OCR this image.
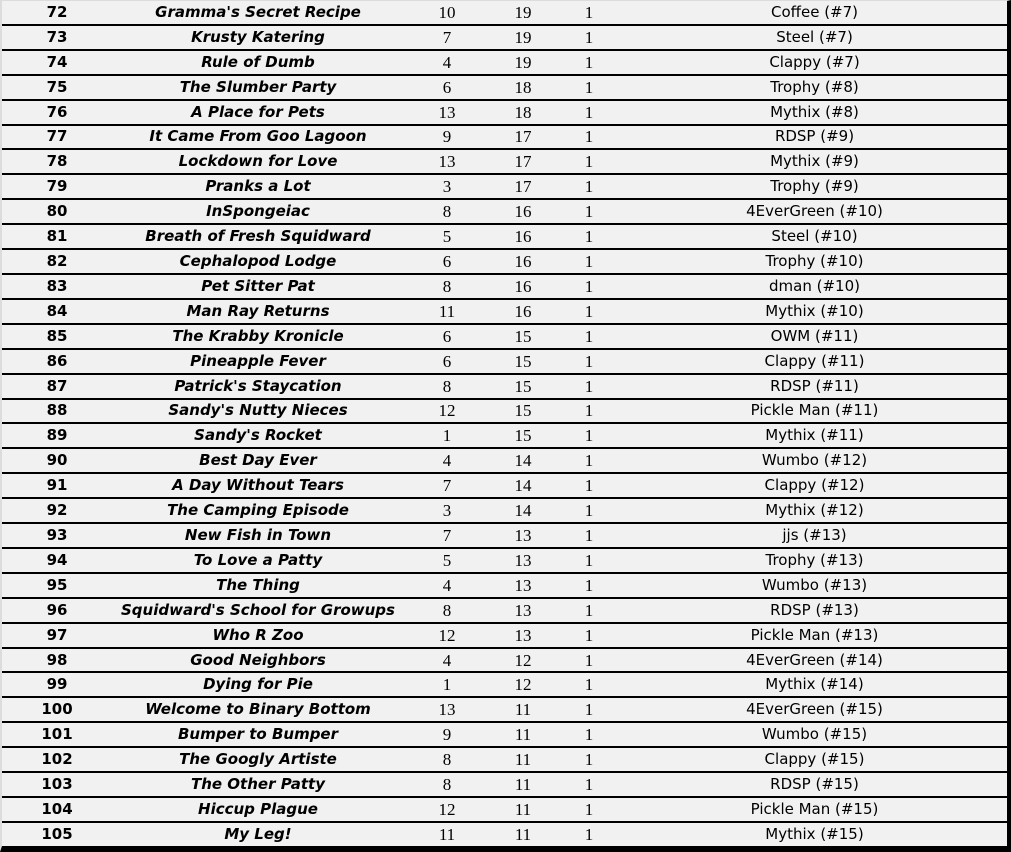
72	Gramma's Secret Recipe	10	19	1	Coffee (#7)
73	Krusty Katering	7	19	1	Steel (#7)
74	Rule of Dumb	4	19	1	Clappy (#7)
75	The Slumber Party	6	18	1	Trophy (#8)
76	A Place for Pets	13	18	1	Mythix (#8)
77	It Came From Goo Lagoon	9	17	1	RDSP (#9)
78	Lockdown for Love	13	17	1	Mythix (#9)
79	Pranks a Lot	3	17	1	Trophy (#9)
80	InSpongeiac	8	16	1	4EverGreen (#10)
81	Breath of Fresh Squidward	5	16	1	Steel (#10)
82	Cephalopod Lodge	6	16	1	Trophy (#10)
83	Pet Sitter Pat	8	16	1	dman (#10)
84	Man Ray Returns	11	16	1	Mythix (#10)
85	The Krabby Kronicle	6	15	1	OWM (#11)
86	Pineapple Fever	6	15	1	Clappy (#11)
87	Patrick's Staycation	8	15	1	RDSP (#11)
88	Sandy's Nutty Nieces	12	15	1	Pickle Man (#11)
89	Sandy's Rocket	1	15	1	Mythix (#11)
90	Best Day Ever	4	14	1	Wumbo (#12)
91	A Day Without Tears	7	14	1	Clappy (#12)
92	The Camping Episode	3	14	1	Mythix (#12)
93	New Fish in Town	7	13	1	jjs (#13)
94	To Love a Patty	5	13	1	Trophy (#13)
95	The Thing	4	13	1	Wumbo (#13)
96	Squidward's School for Growups	8	13	1	RDSP (#13)
97	Who R Zoo	12	13	1	Pickle Man (#13)
98	Good Neighbors	4	12	1	4EverGreen (#14)
99	Dying for Pie	1	12	1	Mythix (#14)
100	Welcome to Binary Bottom	13	11	1	4EverGreen (#15)
101	Bumper to Bumper	9	11	1	Wumbo (#15)
102	The Googly Artiste	8	11	1	Clappy (#15)
103	The Other Patty	8	11	1	RDSP (#15)
104	Hiccup Plague	12	11	1	Pickle Man (#15)
105	My Leg!	11	11	1	Mythix (#15)
